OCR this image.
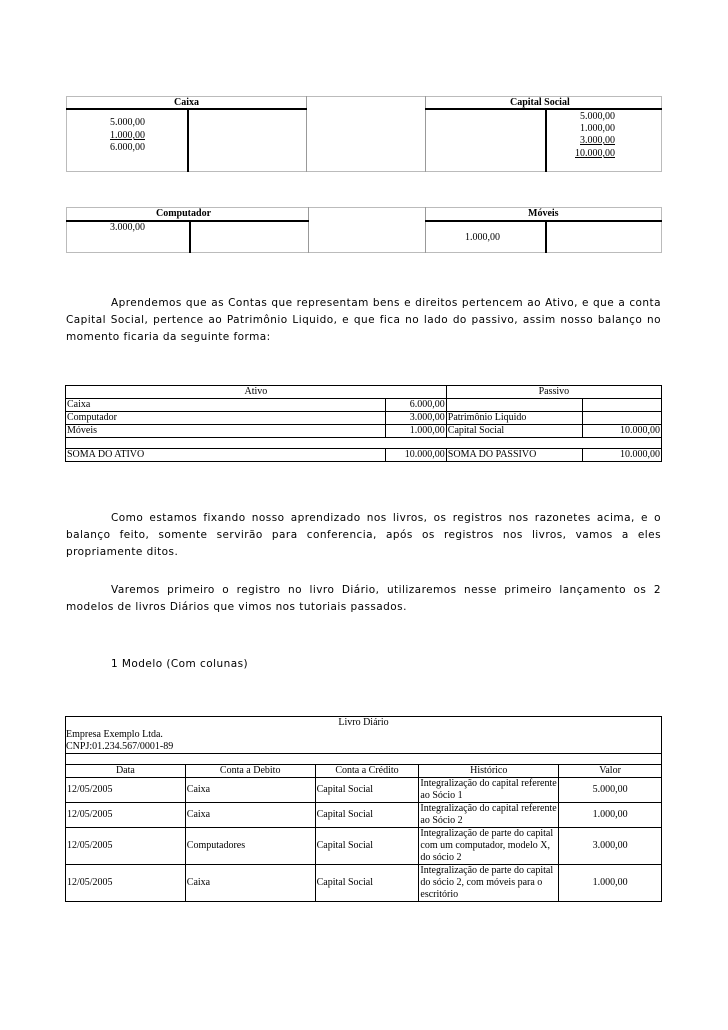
Caixa
5.000,00
1.000,00
6.000,00
Capital Social
5.000,00
1.000,00
3.000,00
10.000,00
Computador
3.000,00
Móveis
1.000,00
Aprendemos que as Contas que representam bens e direitos pertencem ao Ativo, e que a conta Capital Social, pertence ao Patrimônio Liquido, e que fica no lado do passivo, assim nosso balanço no momento ficaria da seguinte forma:
Ativo		Passivo	
Caixa	6.000,00		
Computador	3.000,00	Patrimônio Liquido	
Móveis	1.000,00	Capital Social	10.000,00

SOMA DO ATIVO	10.000,00	SOMA DO PASSIVO	10.000,00
Como estamos fixando nosso aprendizado nos livros, os registros nos razonetes acima, e o balanço feito, somente servirão para conferencia, após os registros nos livros, vamos a eles propriamente ditos.
Varemos primeiro o registro no livro Diário, utilizaremos nesse primeiro lançamento os 2 modelos de livros Diários que vimos nos tutoriais passados.
1 Modelo (Com colunas)
Livro Diário
Empresa Exemplo Ltda.
CNPJ:01.234.567/0001-89				

Data	Conta a Debito	Conta a Crédito	Histórico	Valor
12/05/2005	Caixa	Capital Social	Integralização do capital referente ao Sócio 1	5.000,00
12/05/2005	Caixa	Capital Social	Integralização do capital referente ao Sócio 2	1.000,00
12/05/2005	Computadores	Capital Social	Integralização de parte do capital com um computador, modelo X, do sócio 2	3.000,00
12/05/2005	Caixa	Capital Social	Integralização de parte do capital do sócio 2, com móveis para o escritório	1.000,00
